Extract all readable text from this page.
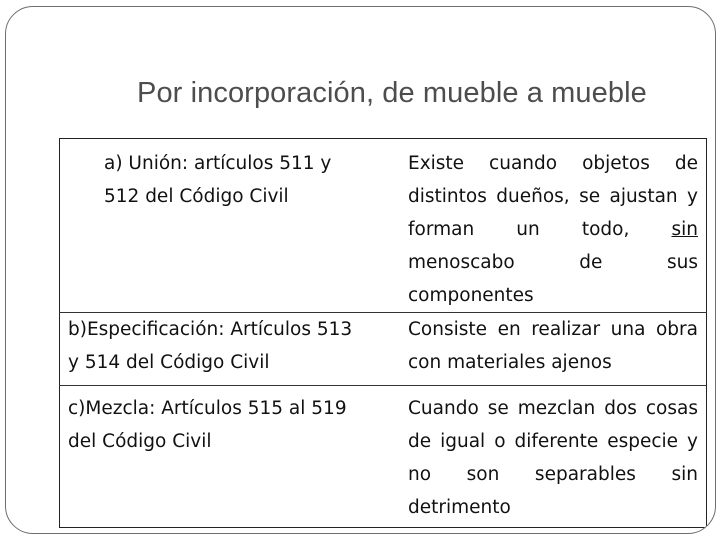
Por incorporación, de mueble a mueble
a) Unión: artículos 511 y
512 del Código Civil	Existe cuando objetos de
distintos dueños, se ajustan y
forman un todo, sin
menoscabo de sus
componentes

b)Especificación: Artículos 513
y 514 del Código Civil	Consiste en realizar una obra
con materiales ajenos

c)Mezcla: Artículos 515 al 519
del Código Civil	Cuando se mezclan dos cosas
de igual o diferente especie y
no son separables sin
detrimento
